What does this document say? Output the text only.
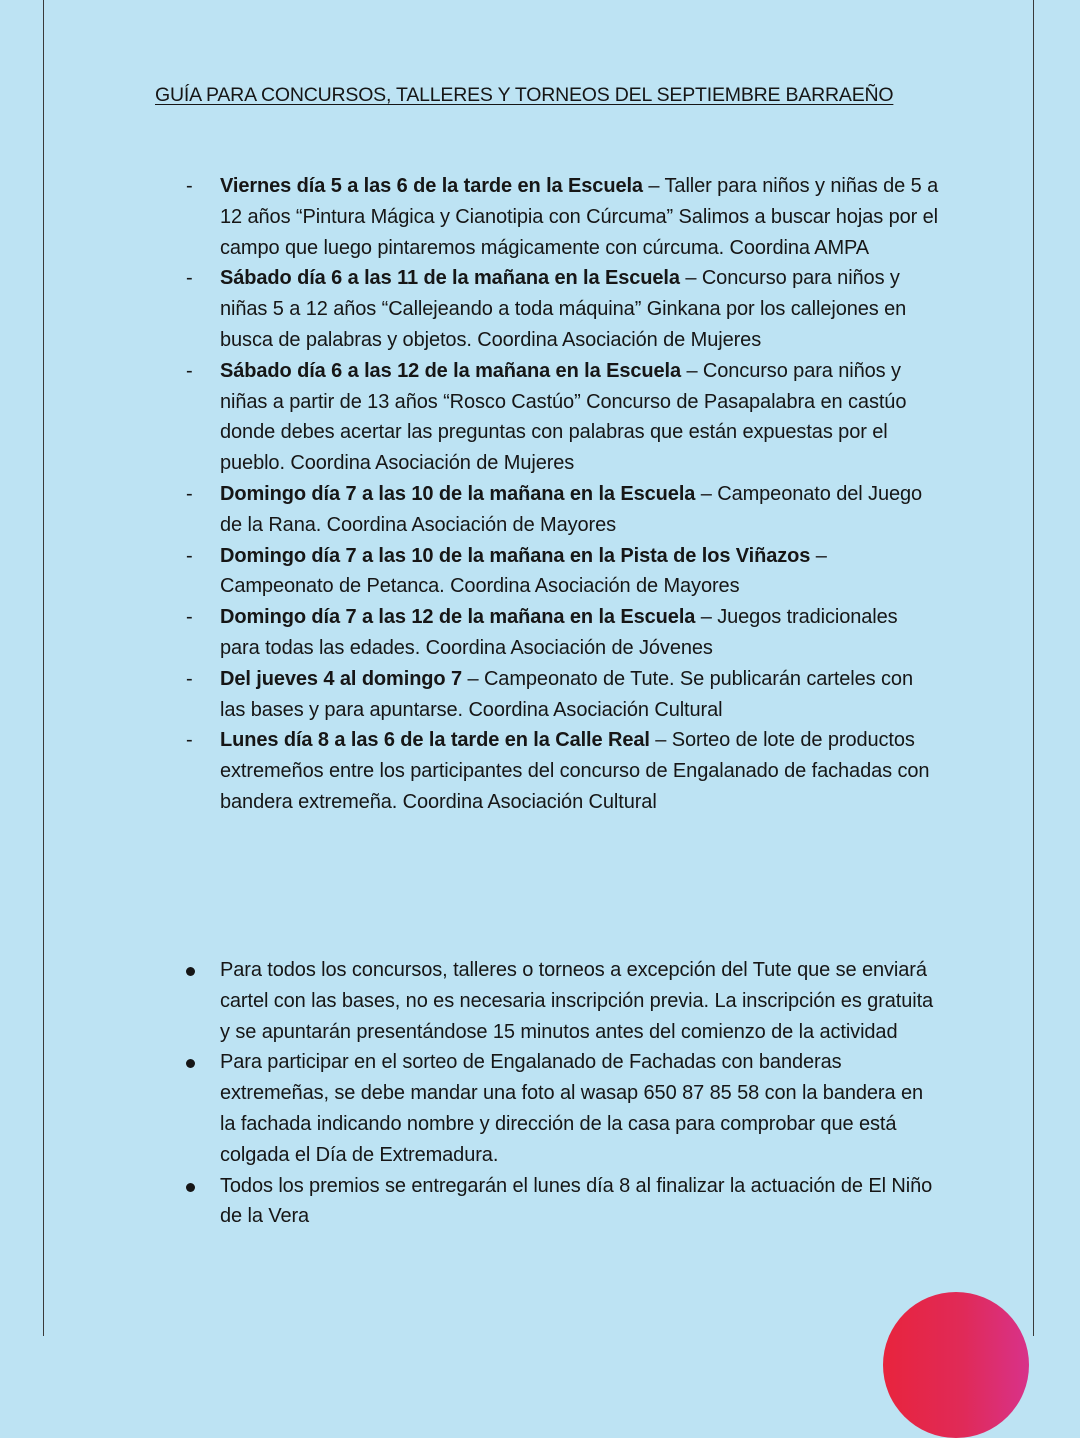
GUÍA PARA CONCURSOS, TALLERES Y TORNEOS DEL SEPTIEMBRE BARRAEÑO
- Viernes día 5 a las 6 de la tarde en la Escuela – Taller para niños y niñas de 5 a 12 años “Pintura Mágica y Cianotipia con Cúrcuma” Salimos a buscar hojas por el campo que luego pintaremos mágicamente con cúrcuma. Coordina AMPA
- Sábado día 6 a las 11 de la mañana en la Escuela – Concurso para niños y niñas 5 a 12 años “Callejeando a toda máquina” Ginkana por los callejones en busca de palabras y objetos. Coordina Asociación de Mujeres
- Sábado día 6 a las 12 de la mañana en la Escuela – Concurso para niños y niñas a partir de 13 años “Rosco Castúo” Concurso de Pasapalabra en castúo donde debes acertar las preguntas con palabras que están expuestas por el pueblo. Coordina Asociación de Mujeres
- Domingo día 7 a las 10 de la mañana en la Escuela – Campeonato del Juego de la Rana. Coordina Asociación de Mayores
- Domingo día 7 a las 10 de la mañana en la Pista de los Viñazos – Campeonato de Petanca. Coordina Asociación de Mayores
- Domingo día 7 a las 12 de la mañana en la Escuela – Juegos tradicionales para todas las edades. Coordina Asociación de Jóvenes
- Del jueves 4 al domingo 7 – Campeonato de Tute. Se publicarán carteles con las bases y para apuntarse. Coordina Asociación Cultural
- Lunes día 8 a las 6 de la tarde en la Calle Real – Sorteo de lote de productos extremeños entre los participantes del concurso de Engalanado de fachadas con bandera extremeña. Coordina Asociación Cultural
Para todos los concursos, talleres o torneos a excepción del Tute que se enviará cartel con las bases, no es necesaria inscripción previa. La inscripción es gratuita y se apuntarán presentándose 15 minutos antes del comienzo de la actividad
Para participar en el sorteo de Engalanado de Fachadas con banderas extremeñas, se debe mandar una foto al wasap 650 87 85 58 con la bandera en la fachada indicando nombre y dirección de la casa para comprobar que está colgada el Día de Extremadura.
Todos los premios se entregarán el lunes día 8 al finalizar la actuación de El Niño de la Vera
